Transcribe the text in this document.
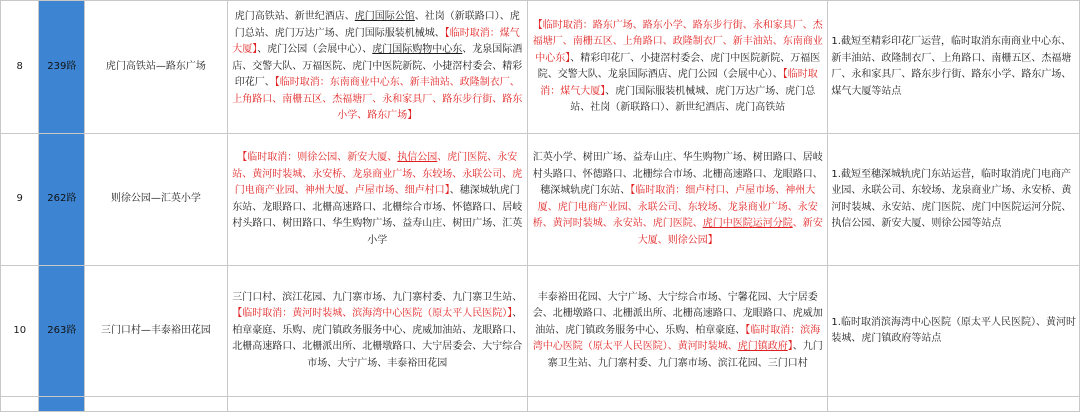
8	239路	虎门高铁站—路东广场	虎门高铁站、新世纪酒店、虎门国际公馆、社岗（新联路口）、虎门总站、虎门万达广场、虎门国际服装机械城、【临时取消：煤气大厦】、虎门公园（会展中心）、虎门国际购物中心东、龙泉国际酒店、交警大队、万福医院、虎门中医院新院、小捷滘村委会、精彩印花厂、【临时取消：东南商业中心东、新丰油站、政隆制衣厂、上角路口、南栅五区、杰福塘厂、永和家具厂、路东步行街、路东小学、路东广场】	【临时取消：路东广场、路东小学、路东步行街、永和家具厂、杰福塘厂、南栅五区、上角路口、政隆制衣厂、新丰油站、东南商业中心东】、精彩印花厂、小捷滘村委会、虎门中医院新院、万福医院、交警大队、龙泉国际酒店、虎门公园（会展中心）、【临时取消：煤气大厦】、虎门国际服装机械城、虎门万达广场、虎门总站、社岗（新联路口）、新世纪酒店、虎门高铁站	1.截短至精彩印花厂运营，临时取消东南商业中心东、新丰油站、政隆制衣厂、上角路口、南栅五区、杰福塘厂、永和家具厂、路东步行街、路东小学、路东广场、煤气大厦等站点
9	262路	则徐公园—汇英小学	【临时取消：则徐公园、新安大厦、执信公园、虎门医院、永安站、黄河时装城、永安桥、龙泉商业广场、东较场、永联公司、虎门电商产业园、神州大厦、卢屋市场、细卢村口】、穗深城轨虎门东站、龙眼路口、北栅高速路口、北栅综合市场、怀德路口、居岐村头路口、树田路口、华生购物广场、益寿山庄、树田广场、汇英小学	汇英小学、树田广场、益寿山庄、华生购物广场、树田路口、居岐村头路口、怀德路口、北栅综合市场、北栅高速路口、龙眼路口、穗深城轨虎门东站、【临时取消：细卢村口、卢屋市场、神州大厦、虎门电商产业园、永联公司、东较场、龙泉商业广场、永安桥、黄河时装城、永安站、虎门医院、虎门中医院运河分院、新安大厦、则徐公园】	1.截短至穗深城轨虎门东站运营，临时取消虎门电商产业园、永联公司、东较场、龙泉商业广场、永安桥、黄河时装城、永安站、虎门医院、虎门中医院运河分院、执信公园、新安大厦、则徐公园等站点
10	263路	三门口村—丰泰裕田花园	三门口村、滨江花园、九门寨市场、九门寨村委、九门寨卫生站、【临时取消：黄河时装城、滨海湾中心医院（原太平人民医院）】、柏章豪庭、乐购、虎门镇政务服务中心、虎威加油站、龙眼路口、北栅高速路口、北栅派出所、北栅墩路口、大宁居委会、大宁综合市场、大宁广场、丰泰裕田花园	丰泰裕田花园、大宁广场、大宁综合市场、宁馨花园、大宁居委会、北栅墩路口、北栅派出所、北栅高速路口、龙眼路口、虎威加油站、虎门镇政务服务中心、乐购、柏章豪庭、【临时取消：滨海湾中心医院（原太平人民医院）、黄河时装城、虎门镇政府】、九门寨卫生站、九门寨村委、九门寨市场、滨江花园、三门口村	1.临时取消滨海湾中心医院（原太平人民医院）、黄河时装城、虎门镇政府等站点
